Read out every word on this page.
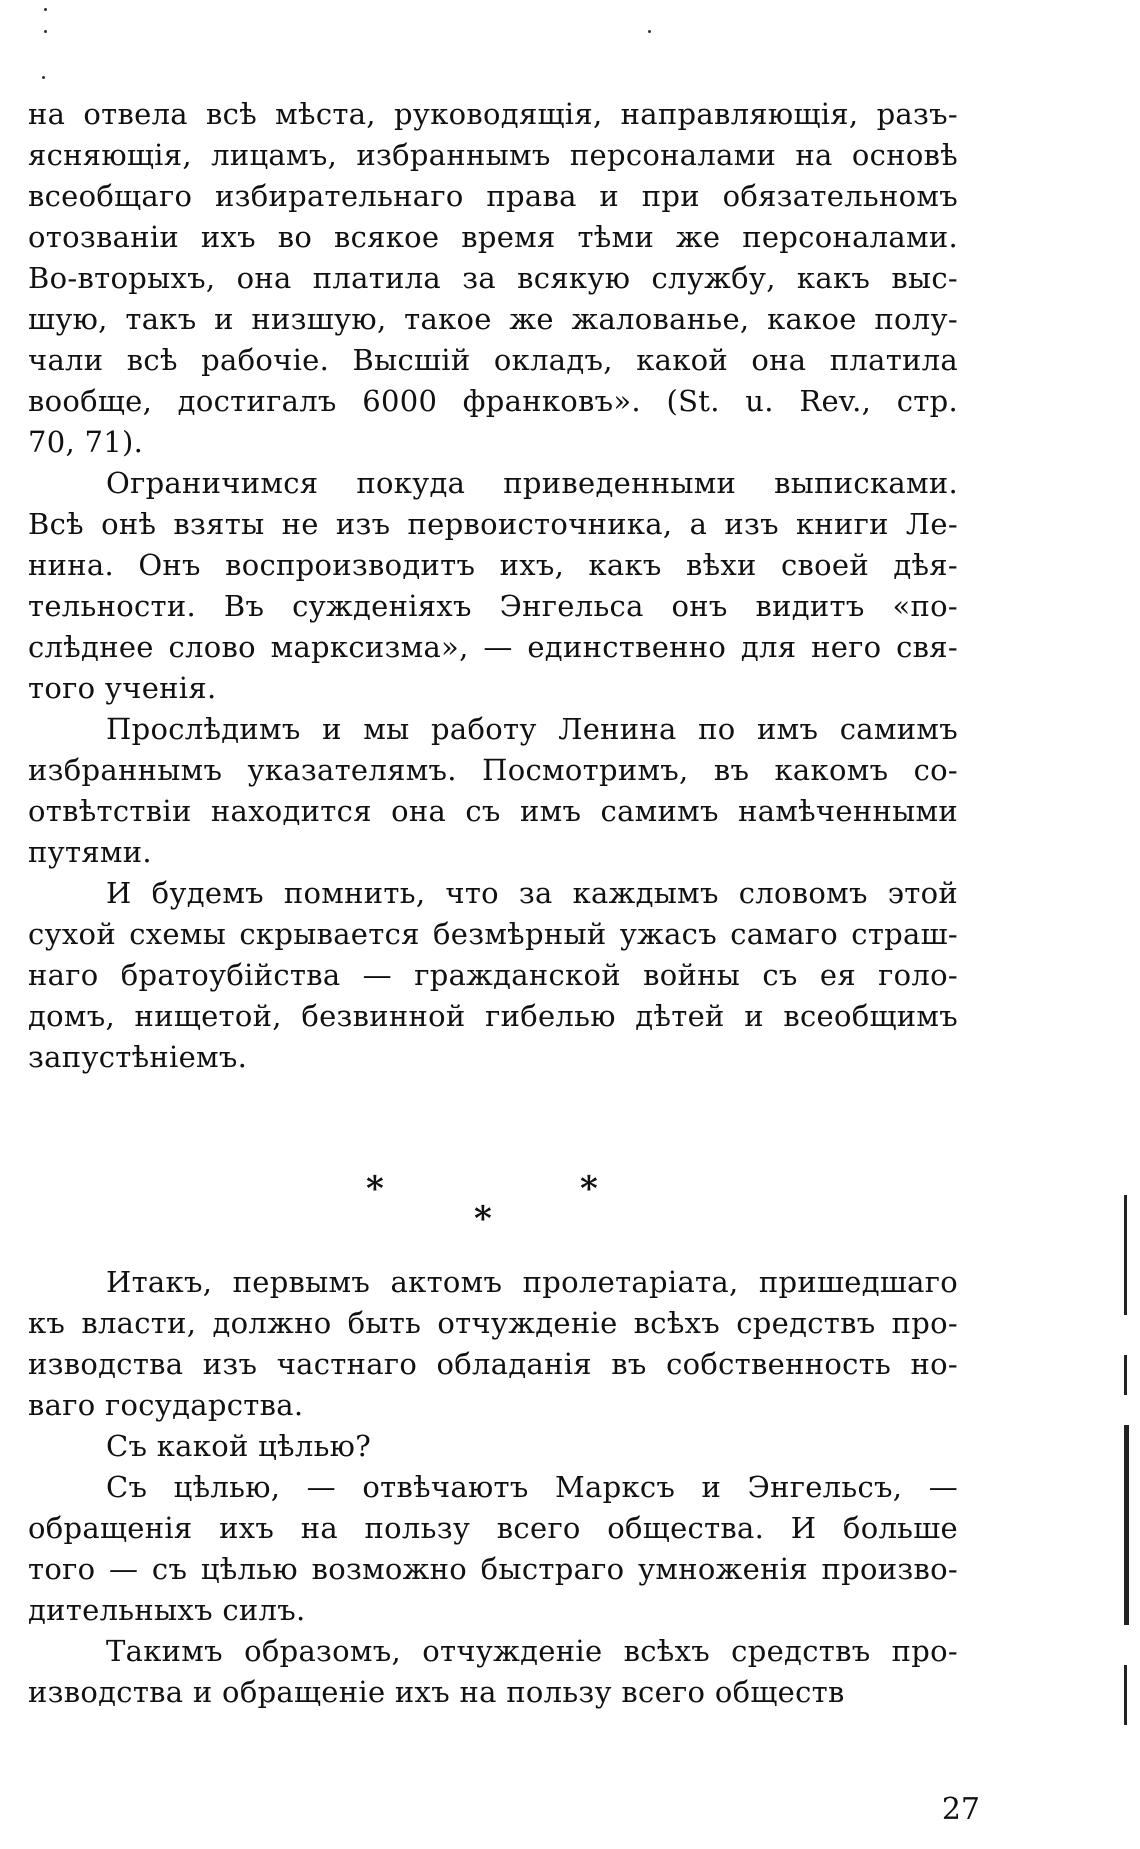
на отвела всѣ мѣста, руководящія, направляющія, разъ-
ясняющія, лицамъ, избраннымъ персоналами на основѣ
всеобщаго избирательнаго права и при обязательномъ
отозваніи ихъ во всякое время тѣми же персоналами.
Во-вторыхъ, она платила за всякую службу, какъ выс-
шую, такъ и низшую, такое же жалованье, какое полу-
чали всѣ рабочіе. Высшій окладъ, какой она платила
вообще, достигалъ 6000 франковъ». (St. u. Rev., стр.
70, 71).
Ограничимся покуда приведенными выписками.
Всѣ онѣ взяты не изъ первоисточника, а изъ книги Ле-
нина. Онъ воспроизводитъ ихъ, какъ вѣхи своей дѣя-
тельности. Въ сужденіяхъ Энгельса онъ видитъ «по-
слѣднее слово марксизма», — единственно для него свя-
того ученія.
Прослѣдимъ и мы работу Ленина по имъ самимъ
избраннымъ указателямъ. Посмотримъ, въ какомъ со-
отвѣтствіи находится она съ имъ самимъ намѣченными
путями.
И будемъ помнить, что за каждымъ словомъ этой
сухой схемы скрывается безмѣрный ужасъ самаго страш-
наго братоубійства — гражданской войны съ ея голо-
домъ, нищетой, безвинной гибелью дѣтей и всеобщимъ
запустѣніемъ.
*	*
*
Итакъ, первымъ актомъ пролетаріата, пришедшаго
къ власти, должно быть отчужденіе всѣхъ средствъ про-
изводства изъ частнаго обладанія въ собственность но-
ваго государства.
Съ какой цѣлью?
Съ цѣлью, — отвѣчаютъ Марксъ и Энгельсъ, —
обращенія ихъ на пользу всего общества. И больше
того — съ цѣлью возможно быстраго умноженія произво-
дительныхъ силъ.
Такимъ образомъ, отчужденіе всѣхъ средствъ про-
изводства и обращеніе ихъ на пользу всего обществ
27
